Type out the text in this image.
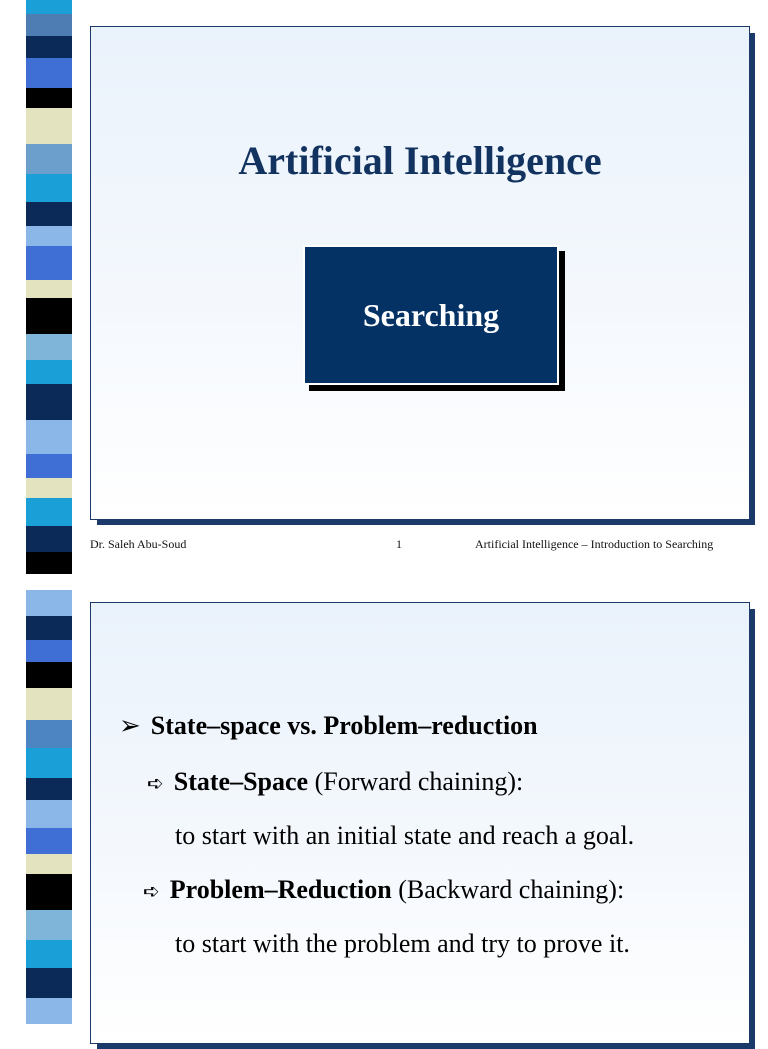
Artificial Intelligence
Searching
Dr. Saleh Abu-Soud	1	Artificial Intelligence – Introduction to Searching
➢ State–space vs. Problem–reduction
➪ State–Space (Forward chaining):
to start with an initial state and reach a goal.
➪ Problem–Reduction (Backward chaining):
to start with the problem and try to prove it.
